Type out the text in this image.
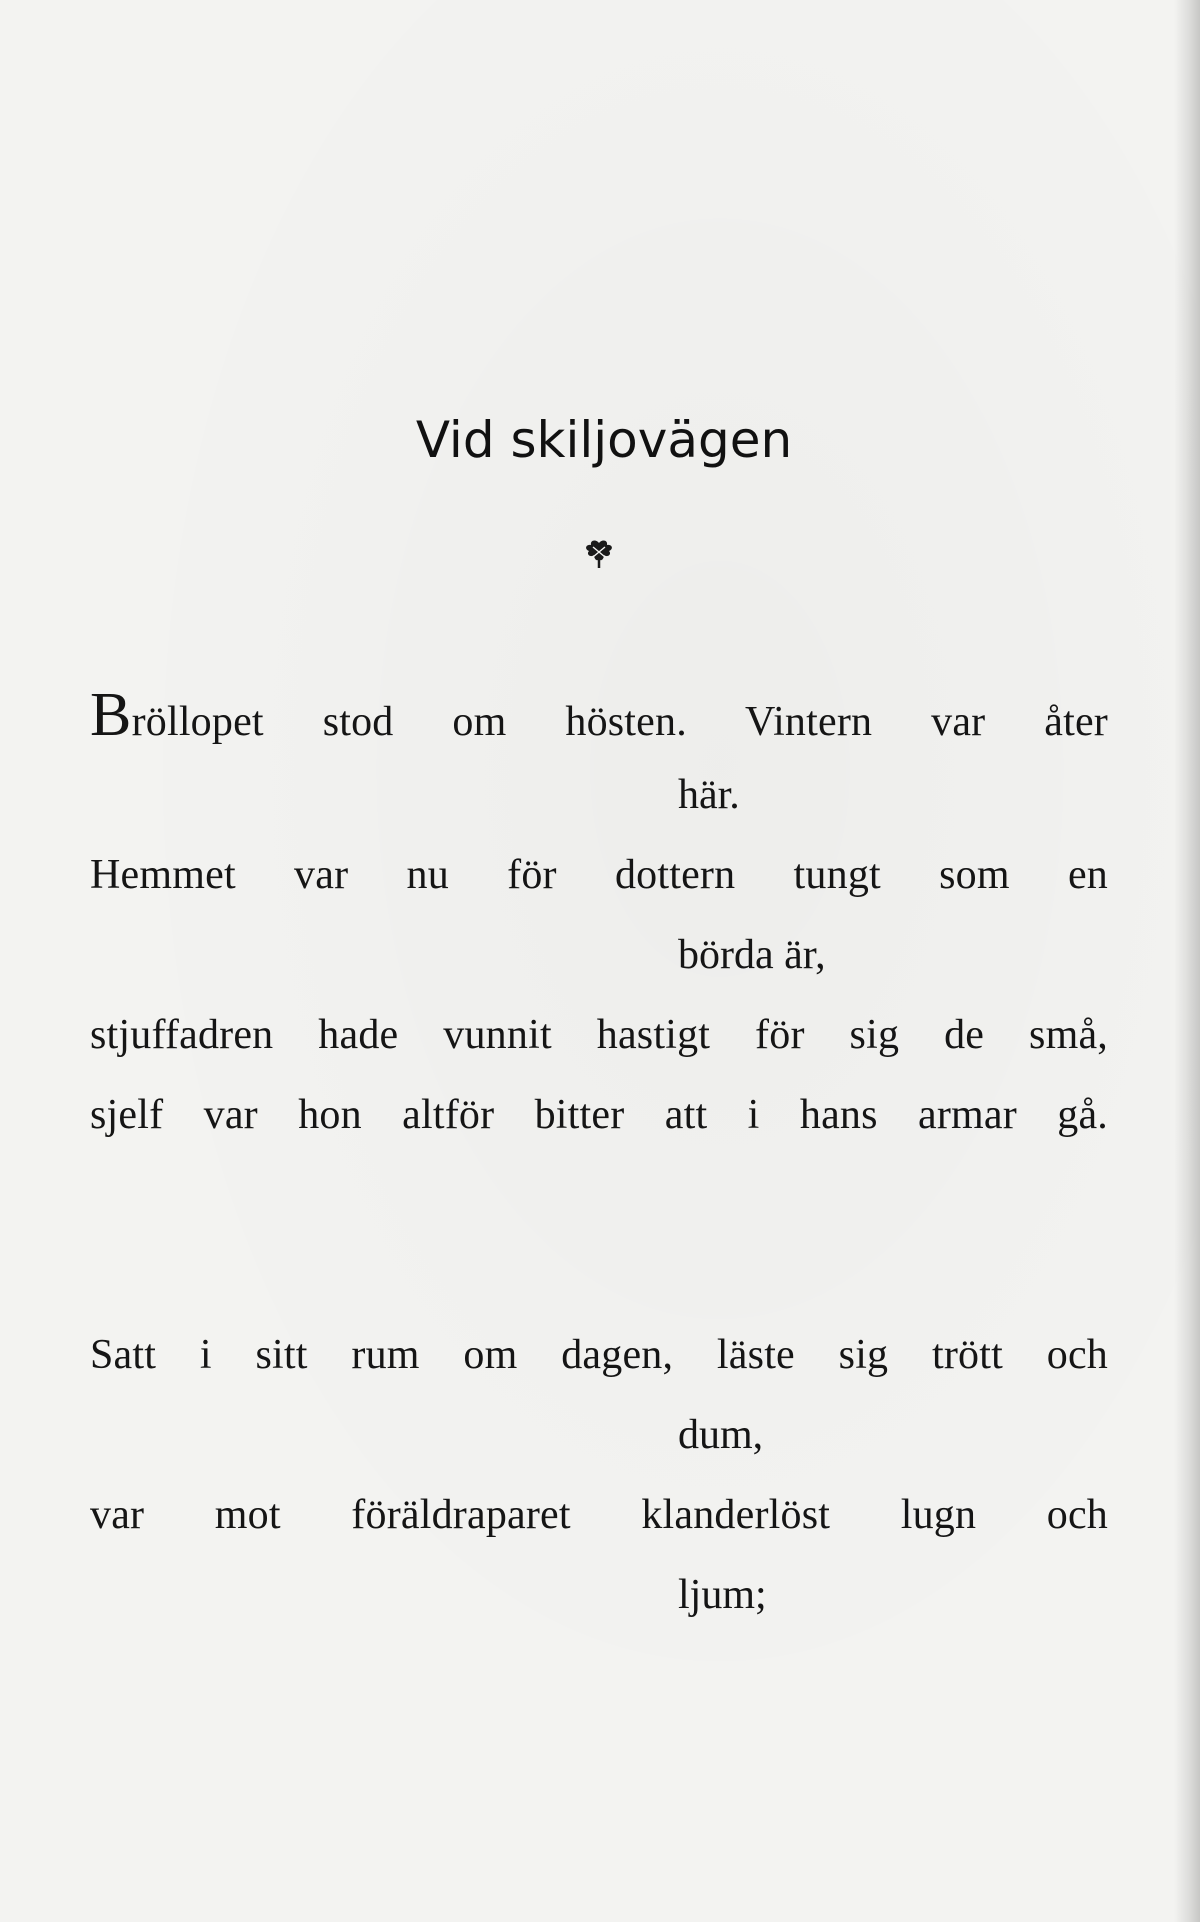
Vid skiljovägen
Bröllopet stod om hösten. Vintern var åter
här.
Hemmet var nu för dottern tungt som en
börda är,
stjuffadren hade vunnit hastigt för sig de små,
sjelf var hon altför bitter att i hans armar gå.
Satt i sitt rum om dagen, läste sig trött och
dum,
var mot föräldraparet klanderlöst lugn och
ljum;
